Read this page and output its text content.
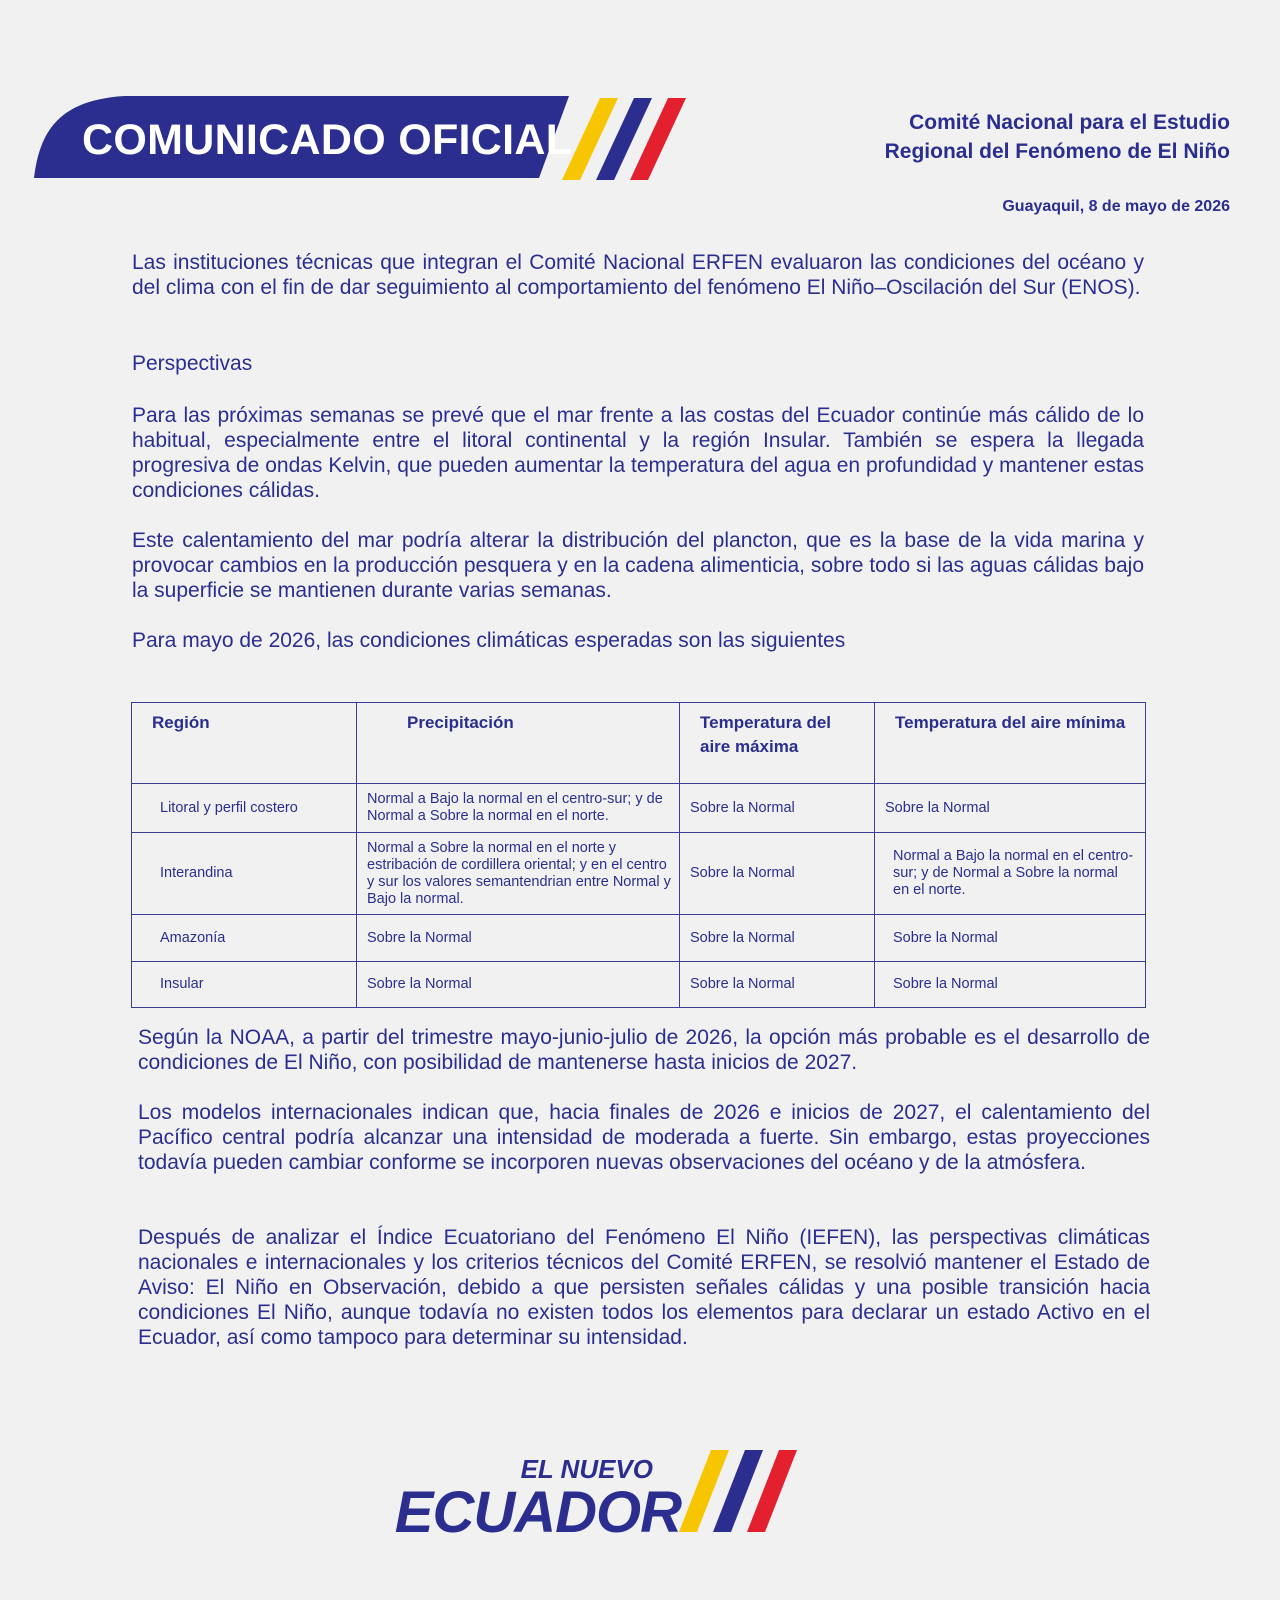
COMUNICADO OFICIAL	Comité Nacional para el Estudio
Regional del Fenómeno de El Niño
Guayaquil, 8 de mayo de 2026

Las instituciones técnicas que integran el Comité Nacional ERFEN evaluaron las condiciones del océano y del clima con el fin de dar seguimiento al comportamiento del fenómeno El Niño–Oscilación del Sur (ENOS).

Perspectivas

Para las próximas semanas se prevé que el mar frente a las costas del Ecuador continúe más cálido de lo habitual, especialmente entre el litoral continental y la región Insular. También se espera la llegada progresiva de ondas Kelvin, que pueden aumentar la temperatura del agua en profundidad y mantener estas condiciones cálidas.

Este calentamiento del mar podría alterar la distribución del plancton, que es la base de la vida marina y provocar cambios en la producción pesquera y en la cadena alimenticia, sobre todo si las aguas cálidas bajo la superficie se mantienen durante varias semanas.

Para mayo de 2026, las condiciones climáticas esperadas son las siguientes

Región	Precipitación	Temperatura del aire máxima	Temperatura del aire mínima
Litoral y perfil costero	Normal a Bajo la normal en el centro-sur; y de Normal a Sobre la normal en el norte.	Sobre la Normal	Sobre la Normal
Interandina	Normal a Sobre la normal en el norte y estribación de cordillera oriental; y en el centro y sur los valores semantendrian entre Normal y Bajo la normal.	Sobre la Normal	Normal a Bajo la normal en el centro-sur; y de Normal a Sobre la normal en el norte.
Amazonía	Sobre la Normal	Sobre la Normal	Sobre la Normal
Insular	Sobre la Normal	Sobre la Normal	Sobre la Normal

Según la NOAA, a partir del trimestre mayo-junio-julio de 2026, la opción más probable es el desarrollo de condiciones de El Niño, con posibilidad de mantenerse hasta inicios de 2027.

Los modelos internacionales indican que, hacia finales de 2026 e inicios de 2027, el calentamiento del Pacífico central podría alcanzar una intensidad de moderada a fuerte. Sin embargo, estas proyecciones todavía pueden cambiar conforme se incorporen nuevas observaciones del océano y de la atmósfera.

Después de analizar el Índice Ecuatoriano del Fenómeno El Niño (IEFEN), las perspectivas climáticas nacionales e internacionales y los criterios técnicos del Comité ERFEN, se resolvió mantener el Estado de Aviso: El Niño en Observación, debido a que persisten señales cálidas y una posible transición hacia condiciones El Niño, aunque todavía no existen todos los elementos para declarar un estado Activo en el Ecuador, así como tampoco para determinar su intensidad.

EL NUEVO
ECUADOR
